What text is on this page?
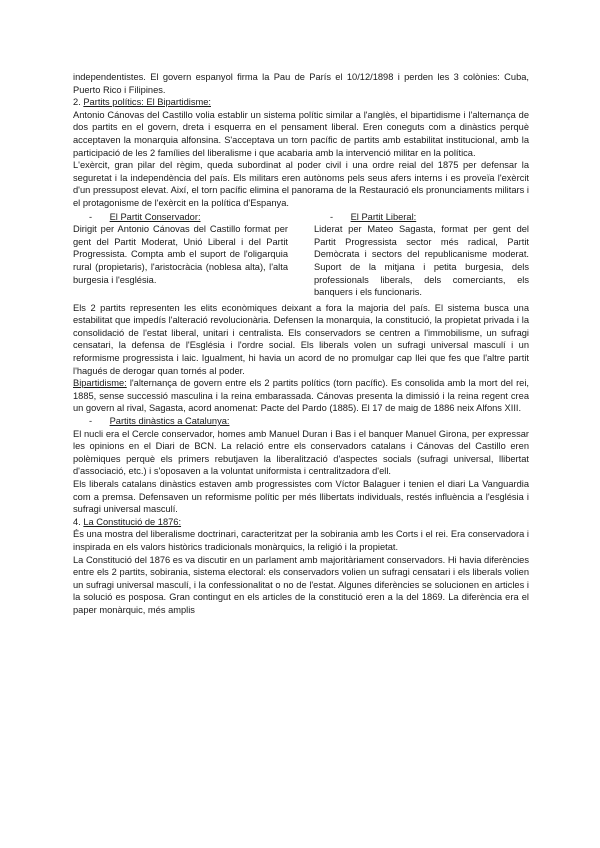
independentistes. El govern espanyol firma la Pau de París el 10/12/1898 i perden les 3 colònies: Cuba, Puerto Rico i Filipines.

2. Partits polítics: El Bipartidisme:

Antonio Cánovas del Castillo volia establir un sistema polític similar a l'anglès, el bipartidisme i l'alternança de dos partits en el govern, dreta i esquerra en el pensament liberal. Eren coneguts com a dinàstics perquè acceptaven la monarquia alfonsina. S'acceptava un torn pacífic de partits amb estabilitat institucional, amb la participació de les 2 famílies del liberalisme i que acabaria amb la intervenció militar en la política.

L'exèrcit, gran pilar del règim, queda subordinat al poder civil i una ordre reial del 1875 per defensar la seguretat i la independència del país. Els militars eren autònoms pels seus afers interns i es proveïa l'exèrcit d'un pressupost elevat. Així, el torn pacífic elimina el panorama de la Restauració els pronunciaments militars i el protagonisme de l'exèrcit en la política d'Espanya.

- El Partit Conservador:

Dirigit per Antonio Cánovas del Castillo format per gent del Partit Moderat, Unió Liberal i del Partit Progressista. Compta amb el suport de l'oligarquia rural (propietaris), l'aristocràcia (noblesa alta), l'alta burgesia i l'església.

- El Partit Liberal:

Liderat per Mateo Sagasta, format per gent del Partit Progressista sector més radical, Partit Demòcrata i sectors del republicanisme moderat. Suport de la mitjana i petita burgesia, dels professionals liberals, dels comerciants, els banquers i els funcionaris.

Els 2 partits representen les elits econòmiques deixant a fora la majoria del país. El sistema busca una estabilitat que impedís l'alteració revolucionària. Defensen la monarquia, la constitució, la propietat privada i la consolidació de l'estat liberal, unitari i centralista. Els conservadors se centren a l'immobilisme, un sufragi censatari, la defensa de l'Església i l'ordre social. Els liberals volen un sufragi universal masculí i un reformisme progressista i laic. Igualment, hi havia un acord de no promulgar cap llei que fes que l'altre partit l'hagués de derogar quan tornés al poder.

Bipartidisme: l'alternança de govern entre els 2 partits polítics (torn pacífic). Es consolida amb la mort del rei, 1885, sense successió masculina i la reina embarassada. Cánovas presenta la dimissió i la reina regent crea un govern al rival, Sagasta, acord anomenat: Pacte del Pardo (1885). El 17 de maig de 1886 neix Alfons XIII.

- Partits dinàstics a Catalunya:

El nucli era el Cercle conservador, homes amb Manuel Duran i Bas i el banquer Manuel Girona, per expressar les opinions en el Diari de BCN. La relació entre els conservadors catalans i Cánovas del Castillo eren polèmiques perquè els primers rebutjaven la liberalització d'aspectes socials (sufragi universal, llibertat d'associació, etc.) i s'oposaven a la voluntat uniformista i centralitzadora d'ell.

Els liberals catalans dinàstics estaven amb progressistes com Víctor Balaguer i tenien el diari La Vanguardia com a premsa. Defensaven un reformisme polític per més llibertats individuals, restés influència a l'església i sufragi universal masculí.

4. La Constitució de 1876:

És una mostra del liberalisme doctrinari, caracteritzat per la sobirania amb les Corts i el rei. Era conservadora i inspirada en els valors històrics tradicionals monàrquics, la religió i la propietat.

La Constitució del 1876 es va discutir en un parlament amb majoritàriament conservadors. Hi havia diferències entre els 2 partits, sobirania, sistema electoral: els conservadors volien un sufragi censatari i els liberals volien un sufragi universal masculí, i la confessionalitat o no de l'estat. Algunes diferències se solucionen en articles i la solució es posposa. Gran contingut en els articles de la constitució eren a la del 1869. La diferència era el paper monàrquic, més amplis
